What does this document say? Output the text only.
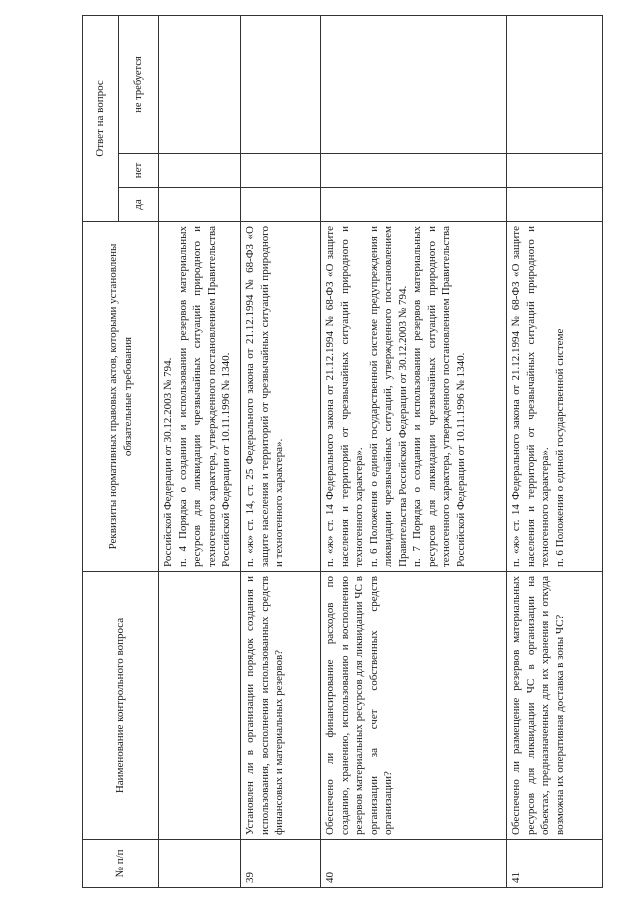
№ п/п	Наименование контрольного вопроса	Реквизиты нормативных правовых актов, которыми установлены обязательные требования	Ответ на вопрос		
			да	нет	не требуется

		Российской Федерации от 30.12.2003 № 794. п. 4 Порядка о создании и использовании резервов материальных ресурсов для ликвидации чрезвычайных ситуаций природного и техногенного характера, утвержденного постановлением Правительства Российской Федерации от 10.11.1996 № 1340.			

39	Установлен ли в организации порядок создания и использования, восполнения использованных средств финансовых и материальных резервов?	п. «ж» ст. 14, ст. 25 Федерального закона от 21.12.1994 № 68-ФЗ «О защите населения и территорий от чрезвычайных ситуаций природного и техногенного характера».			

40	Обеспечено ли финансирование расходов по созданию, хранению, использованию и восполнению резервов материальных ресурсов для ликвидации ЧС в организации за счет собственных средств организации?	п. «ж» ст. 14 Федерального закона от 21.12.1994 № 68-ФЗ «О защите населения и территорий от чрезвычайных ситуаций природного и техногенного характера». п. 6 Положения о единой государственной системе предупреждения и ликвидации чрезвычайных ситуаций, утвержденного постановлением Правительства Российской Федерации от 30.12.2003 № 794. п. 7 Порядка о создании и использовании резервов материальных ресурсов для ликвидации чрезвычайных ситуаций природного и техногенного характера, утвержденного постановлением Правительства Российской Федерации от 10.11.1996 № 1340.			

41	Обеспечено ли размещение резервов материальных ресурсов для ликвидации ЧС в организации на объектах, предназначенных для их хранения и откуда возможна их оперативная доставка в зоны ЧС?	п. «ж» ст. 14 Федерального закона от 21.12.1994 № 68-ФЗ «О защите населения и территорий от чрезвычайных ситуаций природного и техногенного характера». п. 6 Положения о единой государственной системе			
